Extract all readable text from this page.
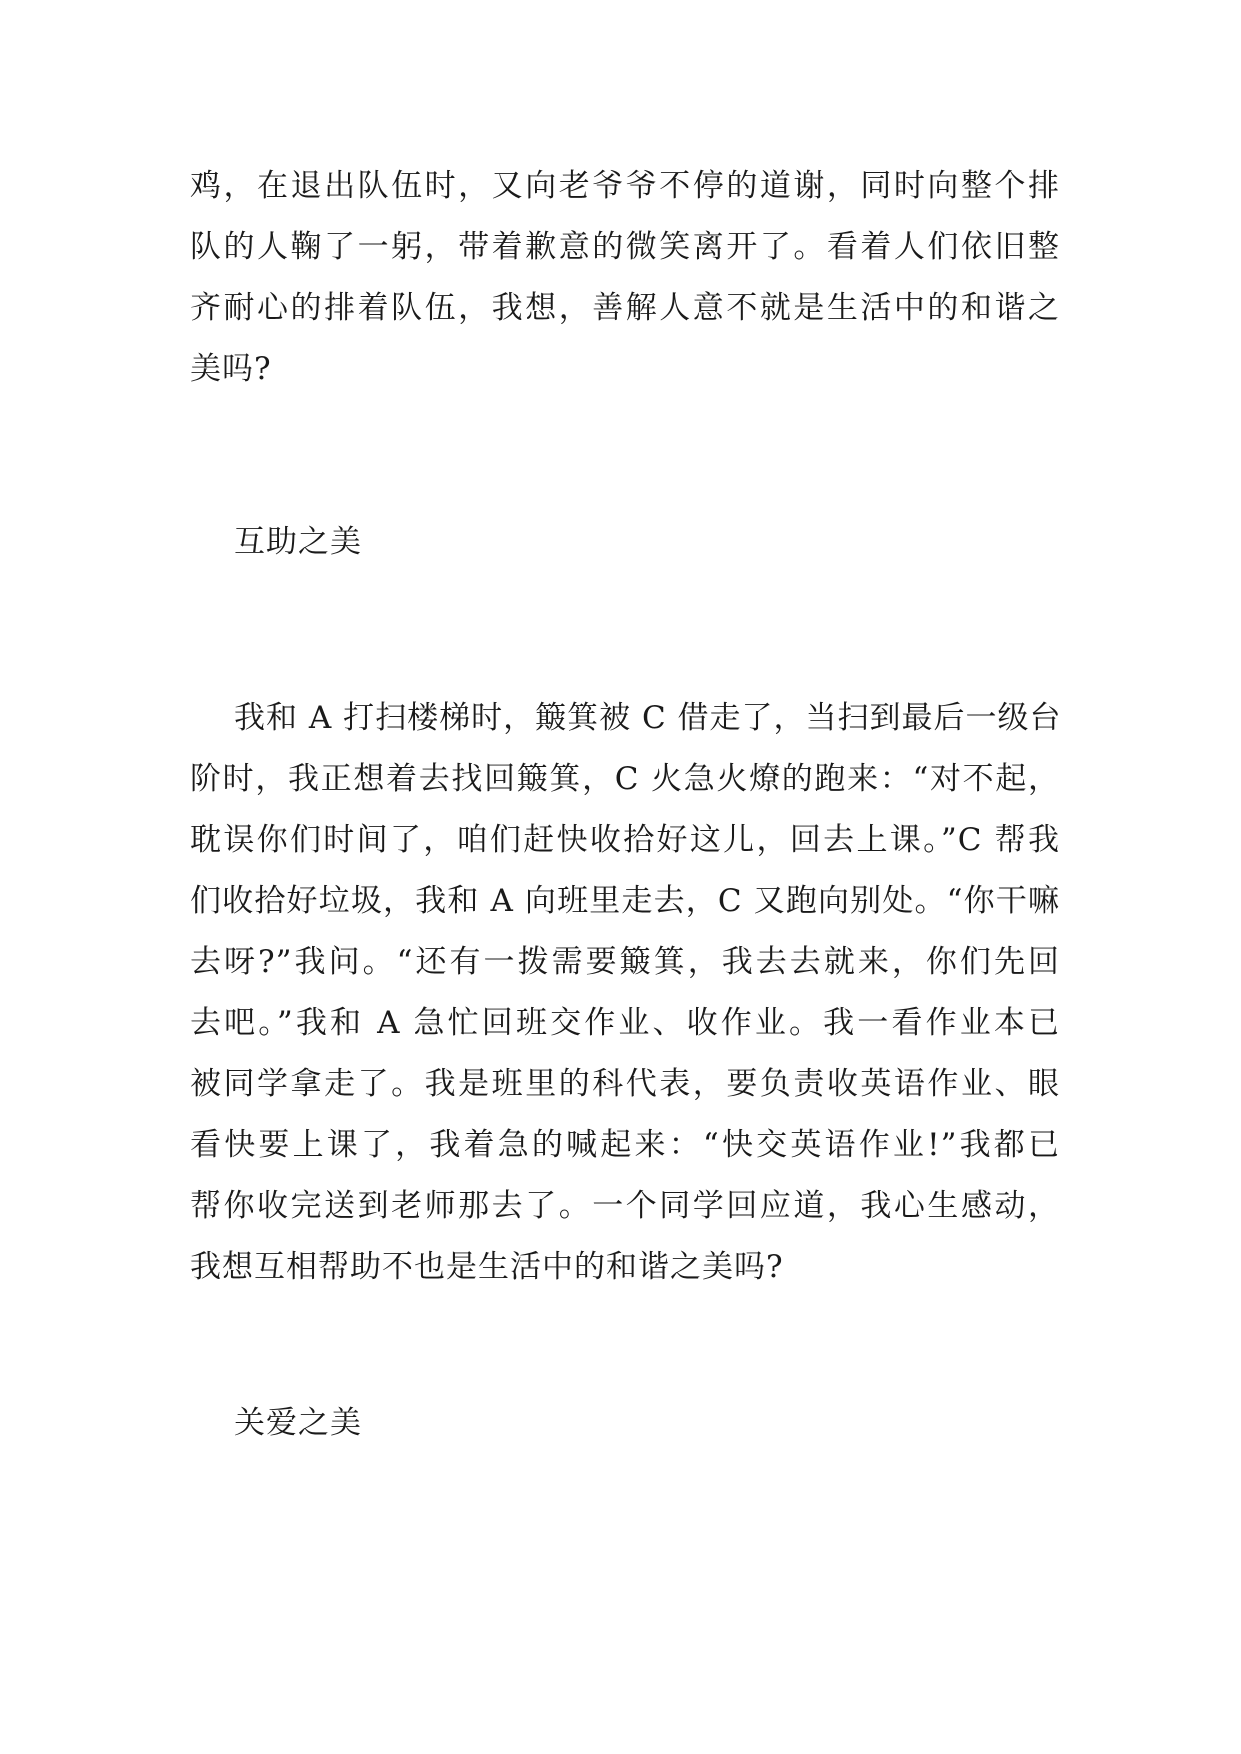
鸡，在退出队伍时，又向老爷爷不停的道谢，同时向整个排
队的人鞠了一躬，带着歉意的微笑离开了。看着人们依旧整
齐耐心的排着队伍，我想，善解人意不就是生活中的和谐之
美吗?
互助之美
我和 A 打扫楼梯时，簸箕被 C 借走了，当扫到最后一级台
阶时，我正想着去找回簸箕，C 火急火燎的跑来：“对不起，
耽误你们时间了，咱们赶快收拾好这儿，回去上课。”C 帮我
们收拾好垃圾，我和 A 向班里走去，C 又跑向别处。“你干嘛
去呀?”我问。“还有一拨需要簸箕，我去去就来，你们先回
去吧。”我和 A 急忙回班交作业、收作业。我一看作业本已
被同学拿走了。我是班里的科代表，要负责收英语作业、眼
看快要上课了，我着急的喊起来：“快交英语作业!”我都已
帮你收完送到老师那去了。一个同学回应道，我心生感动，
我想互相帮助不也是生活中的和谐之美吗?
关爱之美
